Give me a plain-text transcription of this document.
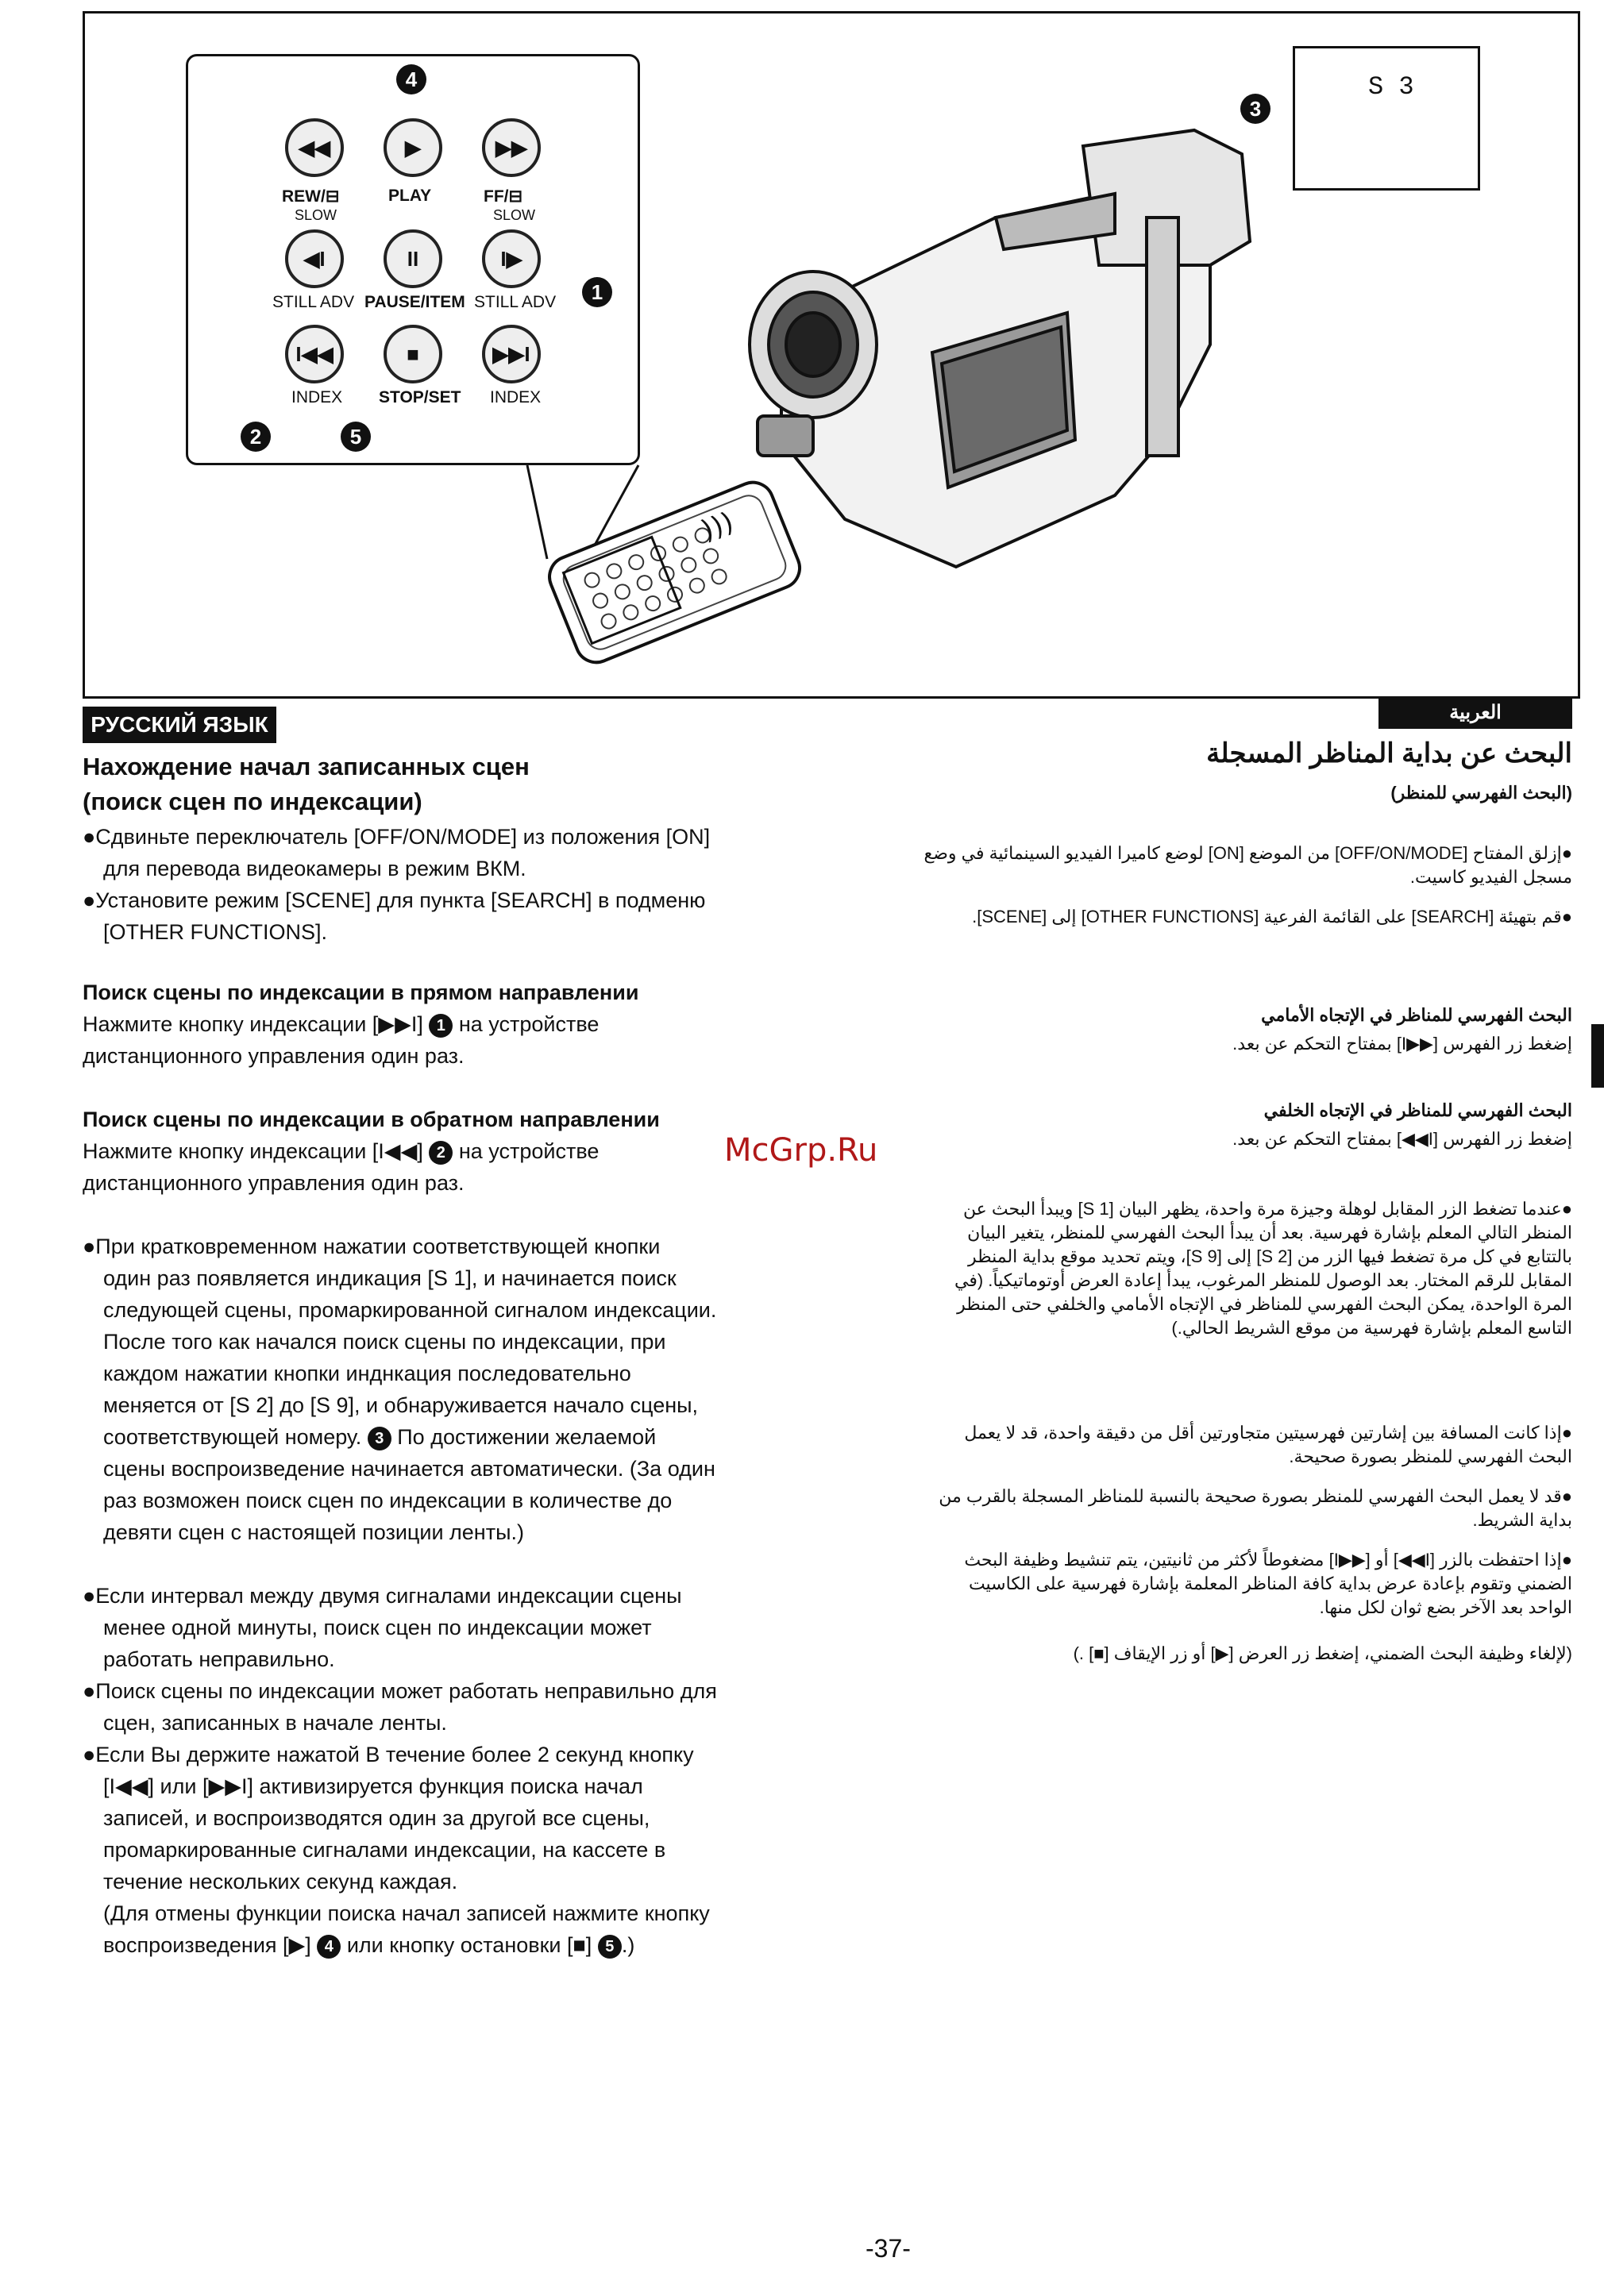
)))
◀◀	▶	▶▶
REW/⊟	PLAY	FF/⊟
SLOW	SLOW
◀I	II	I▶
STILL ADV PAUSE/ITEM STILL ADV
I◀◀	■	▶▶I
INDEX STOP/SET INDEX
4
1
2	5
S 3
3
РУССКИЙ ЯЗЫК	العربية
Нахождение начал записанных сцен
(поиск сцен по индексации)
●Сдвиньте переключатель [OFF/ON/MODE] из положения [ON]
для перевода видеокамеры в режим ВКМ.
●Установите режим [SCENE] для пункта [SEARCH] в подменю
[OTHER FUNCTIONS].
Поиск сцены по индексации в прямом направлении
Нажмите кнопку индексации [▶▶I] 1 на устройстве
дистанционного управления один раз.
Поиск сцены по индексации в обратном направлении
Нажмите кнопку индексации [I◀◀] 2 на устройстве
дистанционного управления один раз.
McGrp.Ru
●При кратковременном нажатии соответствующей кнопки
один раз появляется индикация [S 1], и начинается поиск
следующей сцены, промаркированной сигналом индексации.
После того как начался поиск сцены по индексации, при
каждом нажатии кнопки инднкация последовательно
меняется от [S 2] до [S 9], и обнаруживается начало сцены,
соответствующей номеру. 3 По достижении желаемой
сцены воспроизведение начинается автоматически. (За один
раз возможен поиск сцен по индексации в количестве до
девяти сцен с настоящей позиции ленты.)
●Если интервал между двумя сигналами индексации сцены
менее одной минуты, поиск сцен по индексации может
работать неправильно.
●Поиск сцены по индексации может работать неправильно для
сцен, записанных в начале ленты.
●Если Вы держите нажатой В течение более 2 секунд кнопку
[I◀◀] или [▶▶I] активизируется функция поиска начал
записей, и воспроизводятся один за другой все сцены,
промаркированные сигналами индексации, на кассете в
течение нескольких секунд каждая.
(Для отмены функции поиска начал записей нажмите кнопку
воспроизведения [▶] 4 или кнопку остановки [■] 5 .)
البحث عن بداية المناظر المسجلة
(البحث الفهرسي للمنظر)
●إزلق المفتاح [OFF/ON/MODE] من الموضع [ON] لوضع كاميرا الفيديو السينمائية في وضع مسجل الفيديو كاسيت.
●قم بتهيئة [SEARCH] على القائمة الفرعية [OTHER FUNCTIONS] إلى [SCENE].
البحث الفهرسي للمناظر في الإتجاه الأمامي
إضغط زر الفهرس [▶▶I] بمفتاح التحكم عن بعد.
البحث الفهرسي للمناظر في الإتجاه الخلفي
إضغط زر الفهرس [I◀◀] بمفتاح التحكم عن بعد.
●عندما تضغط الزر المقابل لوهلة وجيزة مرة واحدة، يظهر البيان [S 1] ويبدأ البحث عن المنظر التالي المعلم بإشارة فهرسية. بعد أن يبدأ البحث الفهرسي للمنظر، يتغير البيان بالتتابع في كل مرة تضغط فيها الزر من [S 2] إلى [S 9]، ويتم تحديد موقع بداية المنظر المقابل للرقم المختار. بعد الوصول للمنظر المرغوب، يبدأ إعادة العرض أوتوماتيكياً. (في المرة الواحدة، يمكن البحث الفهرسي للمناظر في الإتجاه الأمامي والخلفي حتى المنظر التاسع المعلم بإشارة فهرسية من موقع الشريط الحالي.)
●إذا كانت المسافة بين إشارتين فهرسيتين متجاورتين أقل من دقيقة واحدة، قد لا يعمل البحث الفهرسي للمنظر بصورة صحيحة.
●قد لا يعمل البحث الفهرسي للمنظر بصورة صحيحة بالنسبة للمناظر المسجلة بالقرب من بداية الشريط.
●إذا احتفظت بالزر [I◀◀] أو [▶▶I] مضغوطاً لأكثر من ثانيتين، يتم تنشيط وظيفة البحث الضمني وتقوم بإعادة عرض بداية كافة المناظر المعلمة بإشارة فهرسية على الكاسيت الواحد بعد الآخر بضع ثوان لكل منها.
(لإلغاء وظيفة البحث الضمني، إضغط زر العرض [▶] أو زر الإيقاف [■] .)
-37-
